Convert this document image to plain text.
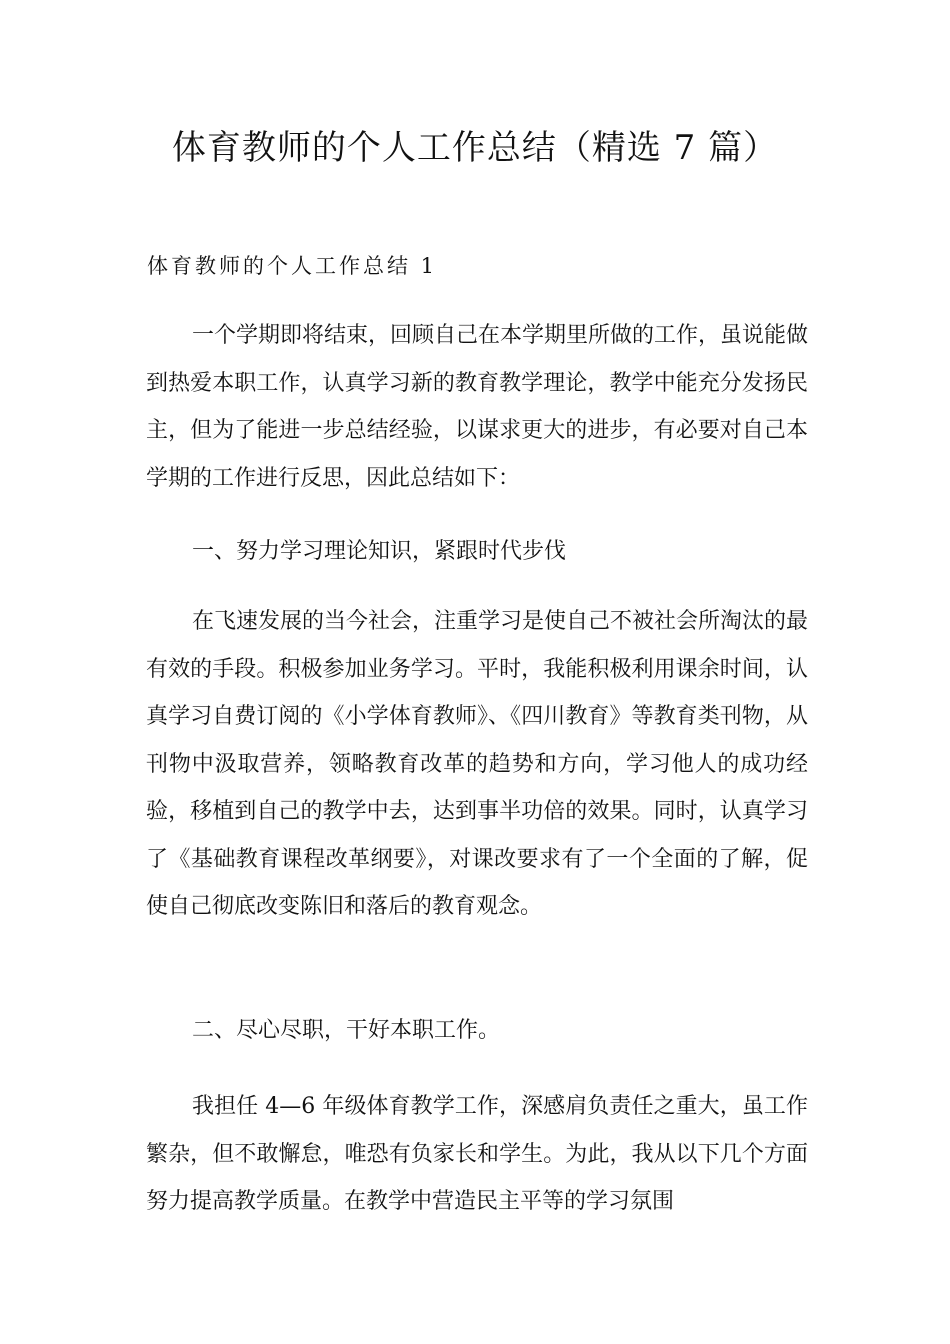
体育教师的个人工作总结（精选 7 篇）
体育教师的个人工作总结 1

一个学期即将结束，回顾自己在本学期里所做的工作，虽说能做到热爱本职工作，认真学习新的教育教学理论，教学中能充分发扬民主，但为了能进一步总结经验，以谋求更大的进步，有必要对自己本学期的工作进行反思，因此总结如下：

一、努力学习理论知识，紧跟时代步伐

在飞速发展的当今社会，注重学习是使自己不被社会所淘汰的最有效的手段。积极参加业务学习。平时，我能积极利用课余时间，认真学习自费订阅的《小学体育教师》、《四川教育》等教育类刊物，从刊物中汲取营养，领略教育改革的趋势和方向，学习他人的成功经验，移植到自己的教学中去，达到事半功倍的效果。同时，认真学习了《基础教育课程改革纲要》，对课改要求有了一个全面的了解，促使自己彻底改变陈旧和落后的教育观念。

二、尽心尽职，干好本职工作。

我担任 4—6 年级体育教学工作，深感肩负责任之重大，虽工作繁杂，但不敢懈怠，唯恐有负家长和学生。为此，我从以下几个方面努力提高教学质量。在教学中营造民主平等的学习氛围
